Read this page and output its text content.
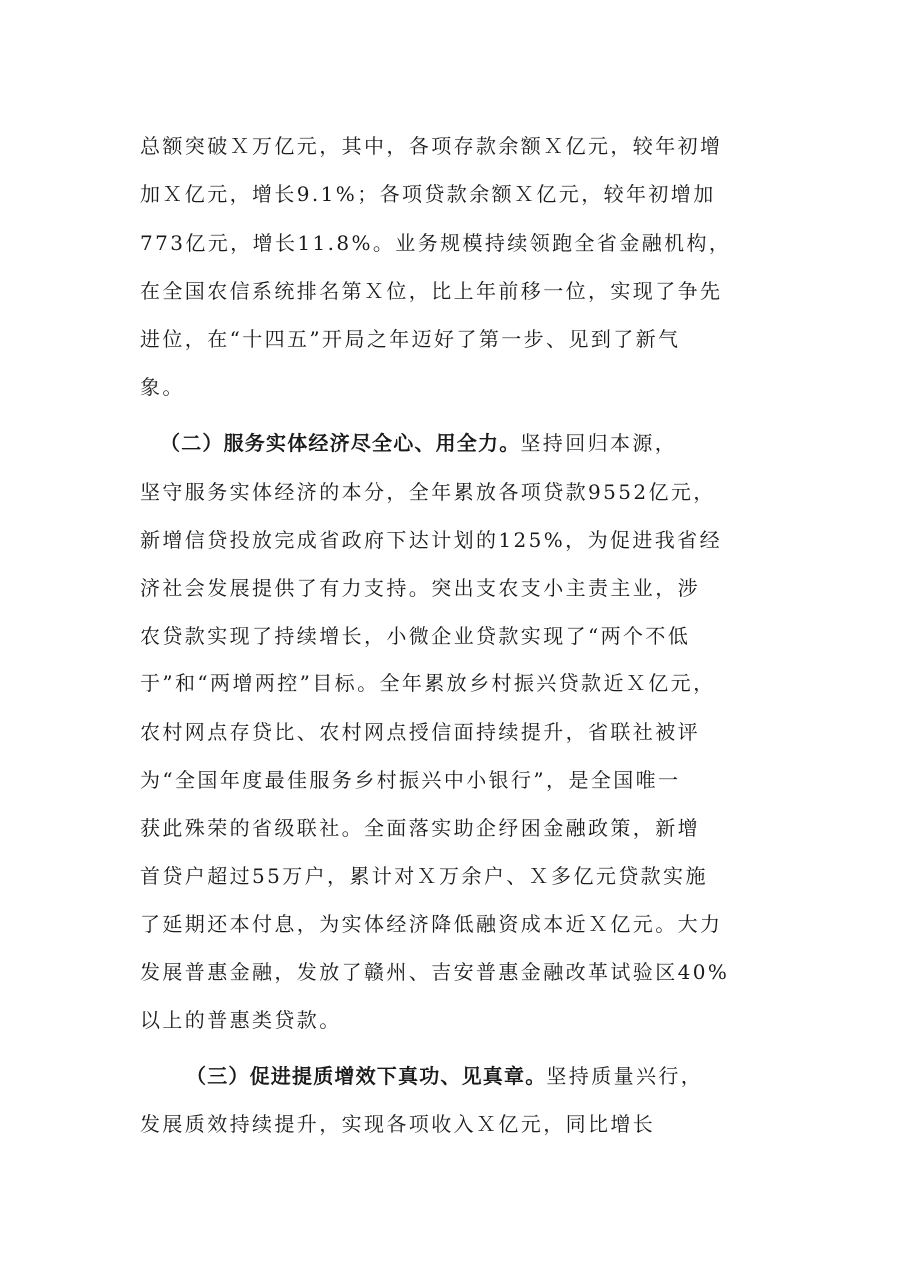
总额突破Ｘ万亿元，其中，各项存款余额Ｘ亿元，较年初增
加Ｘ亿元，增长9.1%；各项贷款余额Ｘ亿元，较年初增加
773亿元，增长11.8%。业务规模持续领跑全省金融机构，
在全国农信系统排名第Ｘ位，比上年前移一位，实现了争先
进位，在“十四五”开局之年迈好了第一步、见到了新气
象。
（二）服务实体经济尽全心、用全力。坚持回归本源，
坚守服务实体经济的本分，全年累放各项贷款9552亿元，
新增信贷投放完成省政府下达计划的125%，为促进我省经
济社会发展提供了有力支持。突出支农支小主责主业，涉
农贷款实现了持续增长，小微企业贷款实现了“两个不低
于”和“两增两控”目标。全年累放乡村振兴贷款近Ｘ亿元，
农村网点存贷比、农村网点授信面持续提升，省联社被评
为“全国年度最佳服务乡村振兴中小银行”，是全国唯一
获此殊荣的省级联社。全面落实助企纾困金融政策，新增
首贷户超过55万户，累计对Ｘ万余户、Ｘ多亿元贷款实施
了延期还本付息，为实体经济降低融资成本近Ｘ亿元。大力
发展普惠金融，发放了赣州、吉安普惠金融改革试验区40%
以上的普惠类贷款。
（三）促进提质增效下真功、见真章。坚持质量兴行，
发展质效持续提升，实现各项收入Ｘ亿元，同比增长
